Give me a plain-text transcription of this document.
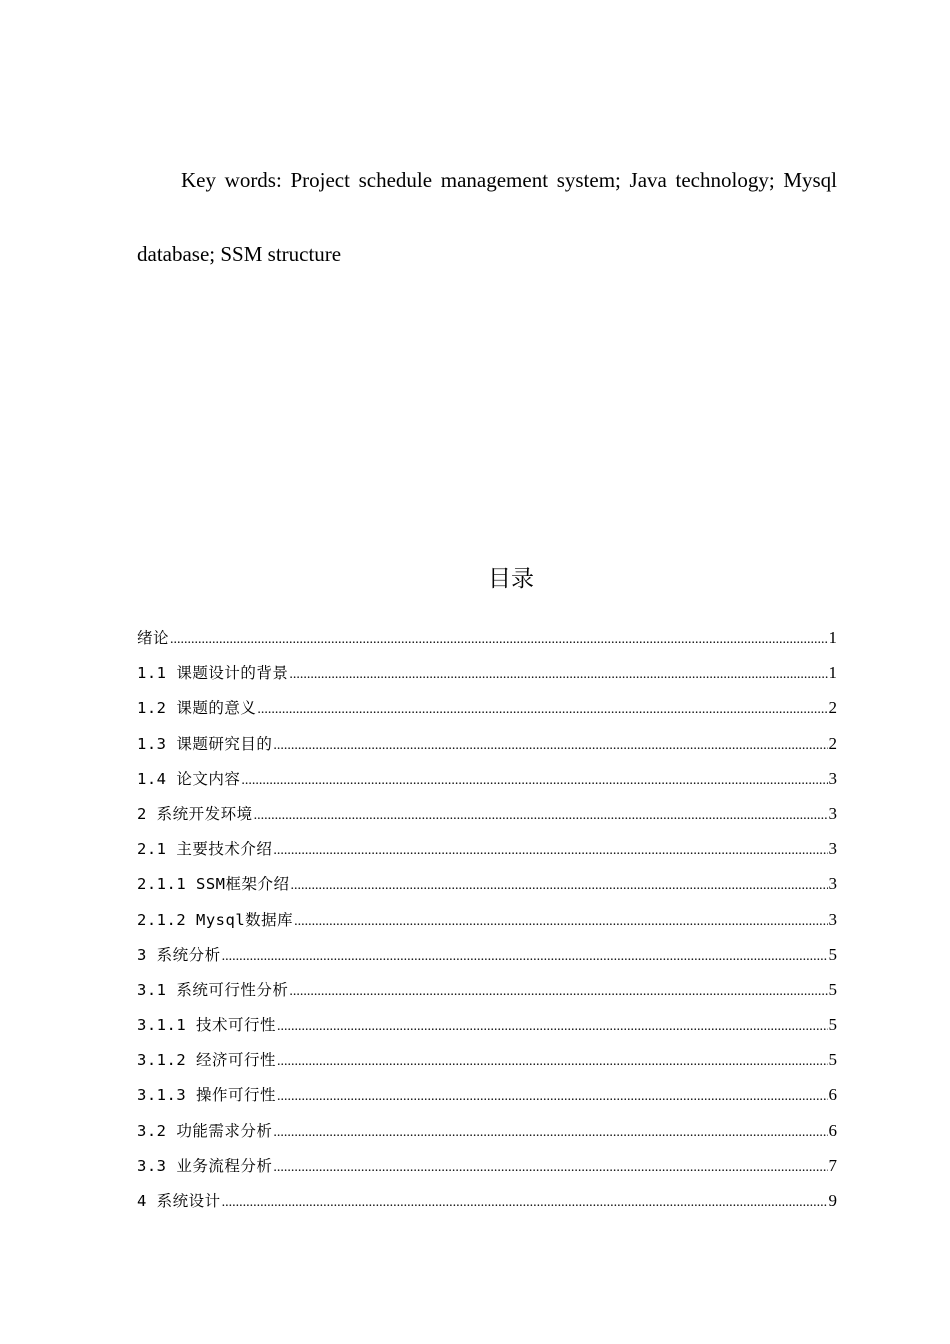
Key words: Project schedule management system; Java technology; Mysql database; SSM structure

目录
绪论 .....	1
1.1 课题设计的背景 .....	1
1.2 课题的意义 .....	2
1.3 课题研究目的 .....	2
1.4 论文内容 .....	3
2 系统开发环境 .....	3
2.1 主要技术介绍 .....	3
2.1.1 SSM框架介绍 .....	3
2.1.2 Mysql数据库 .....	3
3 系统分析 .....	5
3.1 系统可行性分析 .....	5
3.1.1 技术可行性 .....	5
3.1.2 经济可行性 .....	5
3.1.3 操作可行性 .....	6
3.2 功能需求分析 .....	6
3.3 业务流程分析 .....	7
4 系统设计 .....	9
